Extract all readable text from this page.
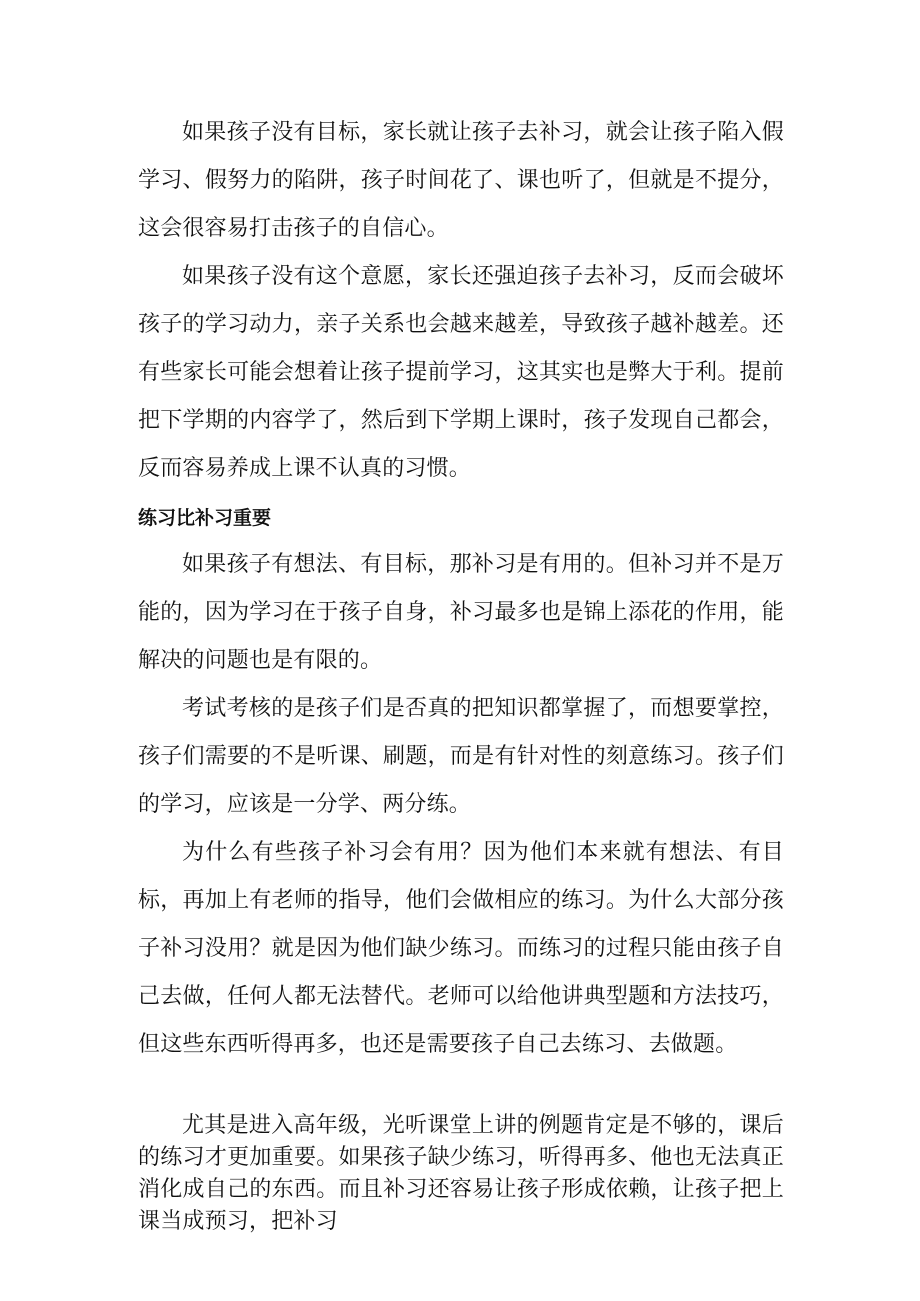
如果孩子没有目标，家长就让孩子去补习，就会让孩子陷入假学习、假努力的陷阱，孩子时间花了、课也听了，但就是不提分，这会很容易打击孩子的自信心。

如果孩子没有这个意愿，家长还强迫孩子去补习，反而会破坏孩子的学习动力，亲子关系也会越来越差，导致孩子越补越差。还有些家长可能会想着让孩子提前学习，这其实也是弊大于利。提前把下学期的内容学了，然后到下学期上课时，孩子发现自己都会，反而容易养成上课不认真的习惯。

练习比补习重要

如果孩子有想法、有目标，那补习是有用的。但补习并不是万能的，因为学习在于孩子自身，补习最多也是锦上添花的作用，能解决的问题也是有限的。

考试考核的是孩子们是否真的把知识都掌握了，而想要掌控，孩子们需要的不是听课、刷题，而是有针对性的刻意练习。孩子们的学习，应该是一分学、两分练。

为什么有些孩子补习会有用？因为他们本来就有想法、有目标，再加上有老师的指导，他们会做相应的练习。为什么大部分孩子补习没用？就是因为他们缺少练习。而练习的过程只能由孩子自己去做，任何人都无法替代。老师可以给他讲典型题和方法技巧，但这些东西听得再多，也还是需要孩子自己去练习、去做题。

尤其是进入高年级，光听课堂上讲的例题肯定是不够的，课后的练习才更加重要。如果孩子缺少练习，听得再多、他也无法真正消化成自己的东西。而且补习还容易让孩子形成依赖，让孩子把上课当成预习，把补习
